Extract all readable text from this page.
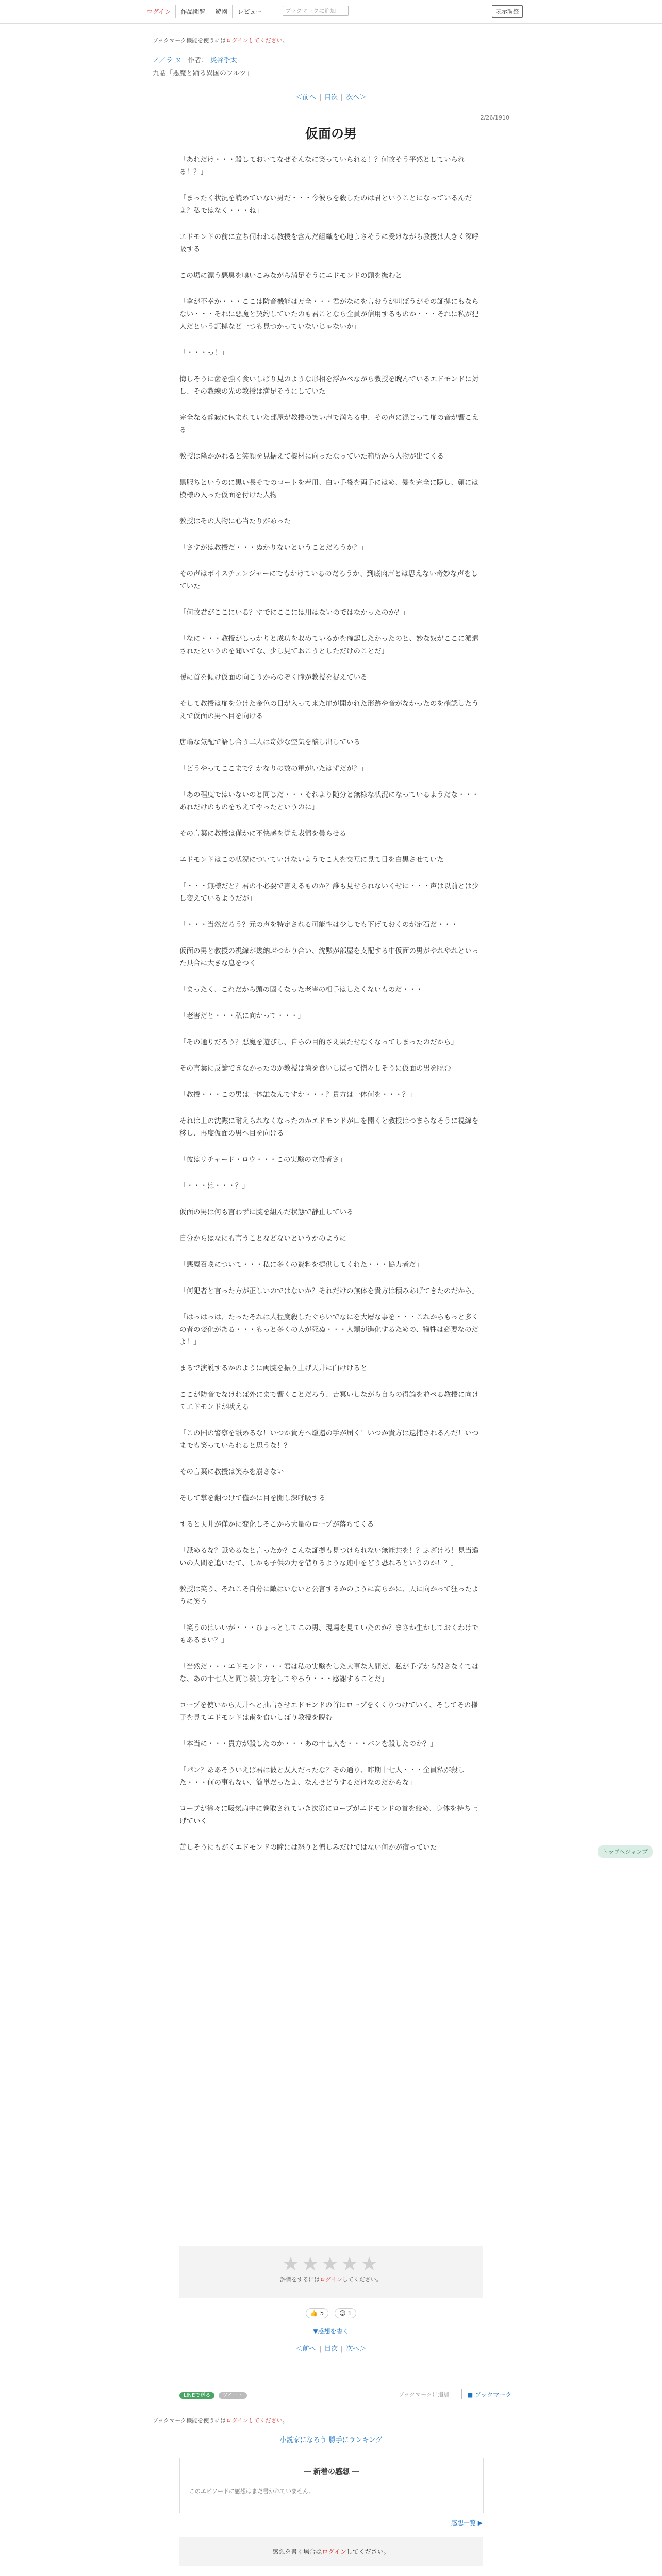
ログイン	作品閲覧	遊園	レビュー	ブックマークに追加	表示調整
ブックマーク機能を使うにはログインしてください。
ノ／ラ ヌ 作者： 炎谷季太
九話「悪魔と踊る異国のワルツ」
＜前へ | 目次 | 次へ＞
2/26/1910
仮面の男

「あれだけ・・・殺しておいてなぜそんなに笑っていられる！？何故そう平然としていられる！？」

「まったく状況を読めていない男だ・・・今彼らを殺したのは君ということになっているんだよ？私ではなく・・・ね」

エドモンドの前に立ち伺われる教授を含んだ組織を心地よさそうに受けながら教授は大きく深呼吸する

この場に漂う悪臭を嗅いこみながら満足そうにエドモンドの頭を撫むと

「拿が不幸か・・・ここは防音機能は万全・・・君がなにを言おうが叫ぼうがその証拠にもならない・・・それに悪魔と契約していたのも君ことなら全員が信用するものか・・・それに私が犯人だという証拠など一つも見つかっていないじゃないか」

「・・・っ！」

悔しそうに歯を強く食いしばり見のような形相を浮かべながら教授を睨んでいるエドモンドに対し、その教練の先の教授は満足そうにしていた

完全なる静寂に包まれていた部屋が教授の笑い声で満ちる中、その声に混じって扉の音が響こえる

教授は隆かかれると笑顔を見据えて機材に向ったなっていた箱所から人物が出てくる

黒服ちというのに黒い長そでのコートを着用、白い手袋を両手にはめ、髪を完全に隠し、顔には模様の入った仮面を付けた人物

教授はその人物に心当たりがあった

「さすがは教授だ・・・ぬかりないということだろうか？」

その声はボイスチェンジャーにでもかけているのだろうか、到底肉声とは思えない奇妙な声をしていた

「何故君がここにいる？すでにここには用はないのではなかったのか？」

「なに・・・教授がしっかりと成功を収めているかを確認したかったのと、妙な奴がここに派遣されたというのを聞いてな、少し見ておこうとしただけのことだ」

暖に首を傾け仮面の向こうからのぞく瞳が教授を捉えている

そして教授は扉を分けた金色の目が入って来た扉が開かれた形跡や音がなかったのを確認したうえで仮面の男へ目を向ける

唐嶋な気配で語し合う二人は奇妙な空気を醸し出している

「どうやってここまで？かなりの数の軍がいたはずだが？」

「あの程度ではいないのと同じだ・・・それより随分と無様な状況になっているようだな・・・あれだけのものをちえてやったというのに」

その言葉に教授は僅かに不快感を覚え表情を曇らせる

エドモンドはこの状況についていけないようでこ人を交互に見て目を白黒させていた

「・・・無様だと？君の不必要で言えるものか？誰も見せられないくせに・・・声は以前とは少し変えているようだが」

「・・・当然だろう？元の声を特定される可能性は少しでも下げておくのが定石だ・・・」

仮面の男と教授の視線が幾納ぶつかり合い、沈黙が部屋を支配する中仮面の男がやれやれといった具合に大きな息をつく

「まったく、これだから頭の固くなった老害の相手はしたくないものだ・・・」

「老害だと・・・私に向かって・・・」

「その通りだろう？悪魔を遊びし、自らの目的さえ果たせなくなってしまったのだから」

その言葉に反論できなかったのか教授は歯を食いしばって憎々しそうに仮面の男を睨む

「教授・・・この男は一体誰なんですか・・・？貴方は一体何を・・・？」

それは上の沈黙に耐えられなくなったのかエドモンドが口を開くと教授はつまらなそうに視線を移し、再度仮面の男へ目を向ける

「彼はリチャード・ロウ・・・この実験の立役者さ」

「・・・は・・・？」

仮面の男は何も言わずに腕を組んだ状態で静止している

自分からはなにも言うことなどないというかのように

「悪魔召喚について・・・私に多くの資料を提供してくれた・・・協力者だ」

「何犯者と言った方が正しいのではないか？それだけの無体を貴方は積みあげてきたのだから」

「はっはっは、たったそれは人程度殺したぐらいでなにを大層な事を・・・これからもっと多くの者の変化がある・・・もっと多くの人が死ぬ・・・人類が進化するための、犠牲は必要なのだよ！」

まるで演説するかのように両腕を振り上げ天井に向けけると

ここが防音でなければ外にまで響くことだろう、吉冥いしながら自らの得論を並べる教授に向けてエドモンドが吠える

「この国の警察を舐めるな！いつか貴方へ燈還の手が届く！いつか貴方は逮捕されるんだ！いつまでも笑っていられると思うな！？」

その言葉に教授は笑みを崩さない

そして掌を翻つけて僅かに目を開し深呼吸する

すると天井が僅かに変化しそこから大量のロープが落ちてくる

「舐めるな？舐めるなと言ったか？こんな証拠も見つけられない無能共を！？ふざけろ！見当違いの人間を追いたて、しかも子供の力を借りるような連中をどう恐れろというのか！？」

教授は笑う、それこそ自分に敵はいないと公言するかのように高らかに、天に向かって狂ったように笑う

「笑うのはいいが・・・ひょっとしてこの男、現場を見ていたのか？まさか生かしておくわけでもあるまい？」

「当然だ・・・エドモンド・・・君は私の実験をした大事な人間だ、私が手ずから殺さなくてはな、あの十七人と同じ殺し方をしてやろう・・・感謝することだ」

ロープを使いから天井へと抽出させエドモンドの首にロープをくくりつけていく、そしてその様子を見てエドモンドは歯を食いしばり教授を睨む

「本当に・・・貴方が殺したのか・・・あの十七人を・・・パンを殺したのか？」

「パン？ああそういえば君は彼と友人だったな？その通り、昨期十七人・・・全員私が殺した・・・何の事もない、簡単だったよ、なんせどうするだけなのだからな」

ロープが徐々に吸気扇中に巻取されていき次第にロープがエドモンドの首を絞め、身体を持ち上げていく

苦しそうにもがくエドモンドの瞳には怒りと憎しみだけではない何かが宿っていた

トップへジャンプ
★★★★★
評価をするにはログインしてください。
👍 5 😊 1
▼感想を書く
＜前へ | 目次 | 次へ＞
LINEで送る ツイート	ブックマークに追加	■ ブックマーク
ブックマーク機能を使うにはログインしてください。
小説家になろう 勝手にランキング
― 新着の感想 ―
このエピソードに感想はまだ書かれていません。
感想一覧 ▶
感想を書く場合はログインしてください。
